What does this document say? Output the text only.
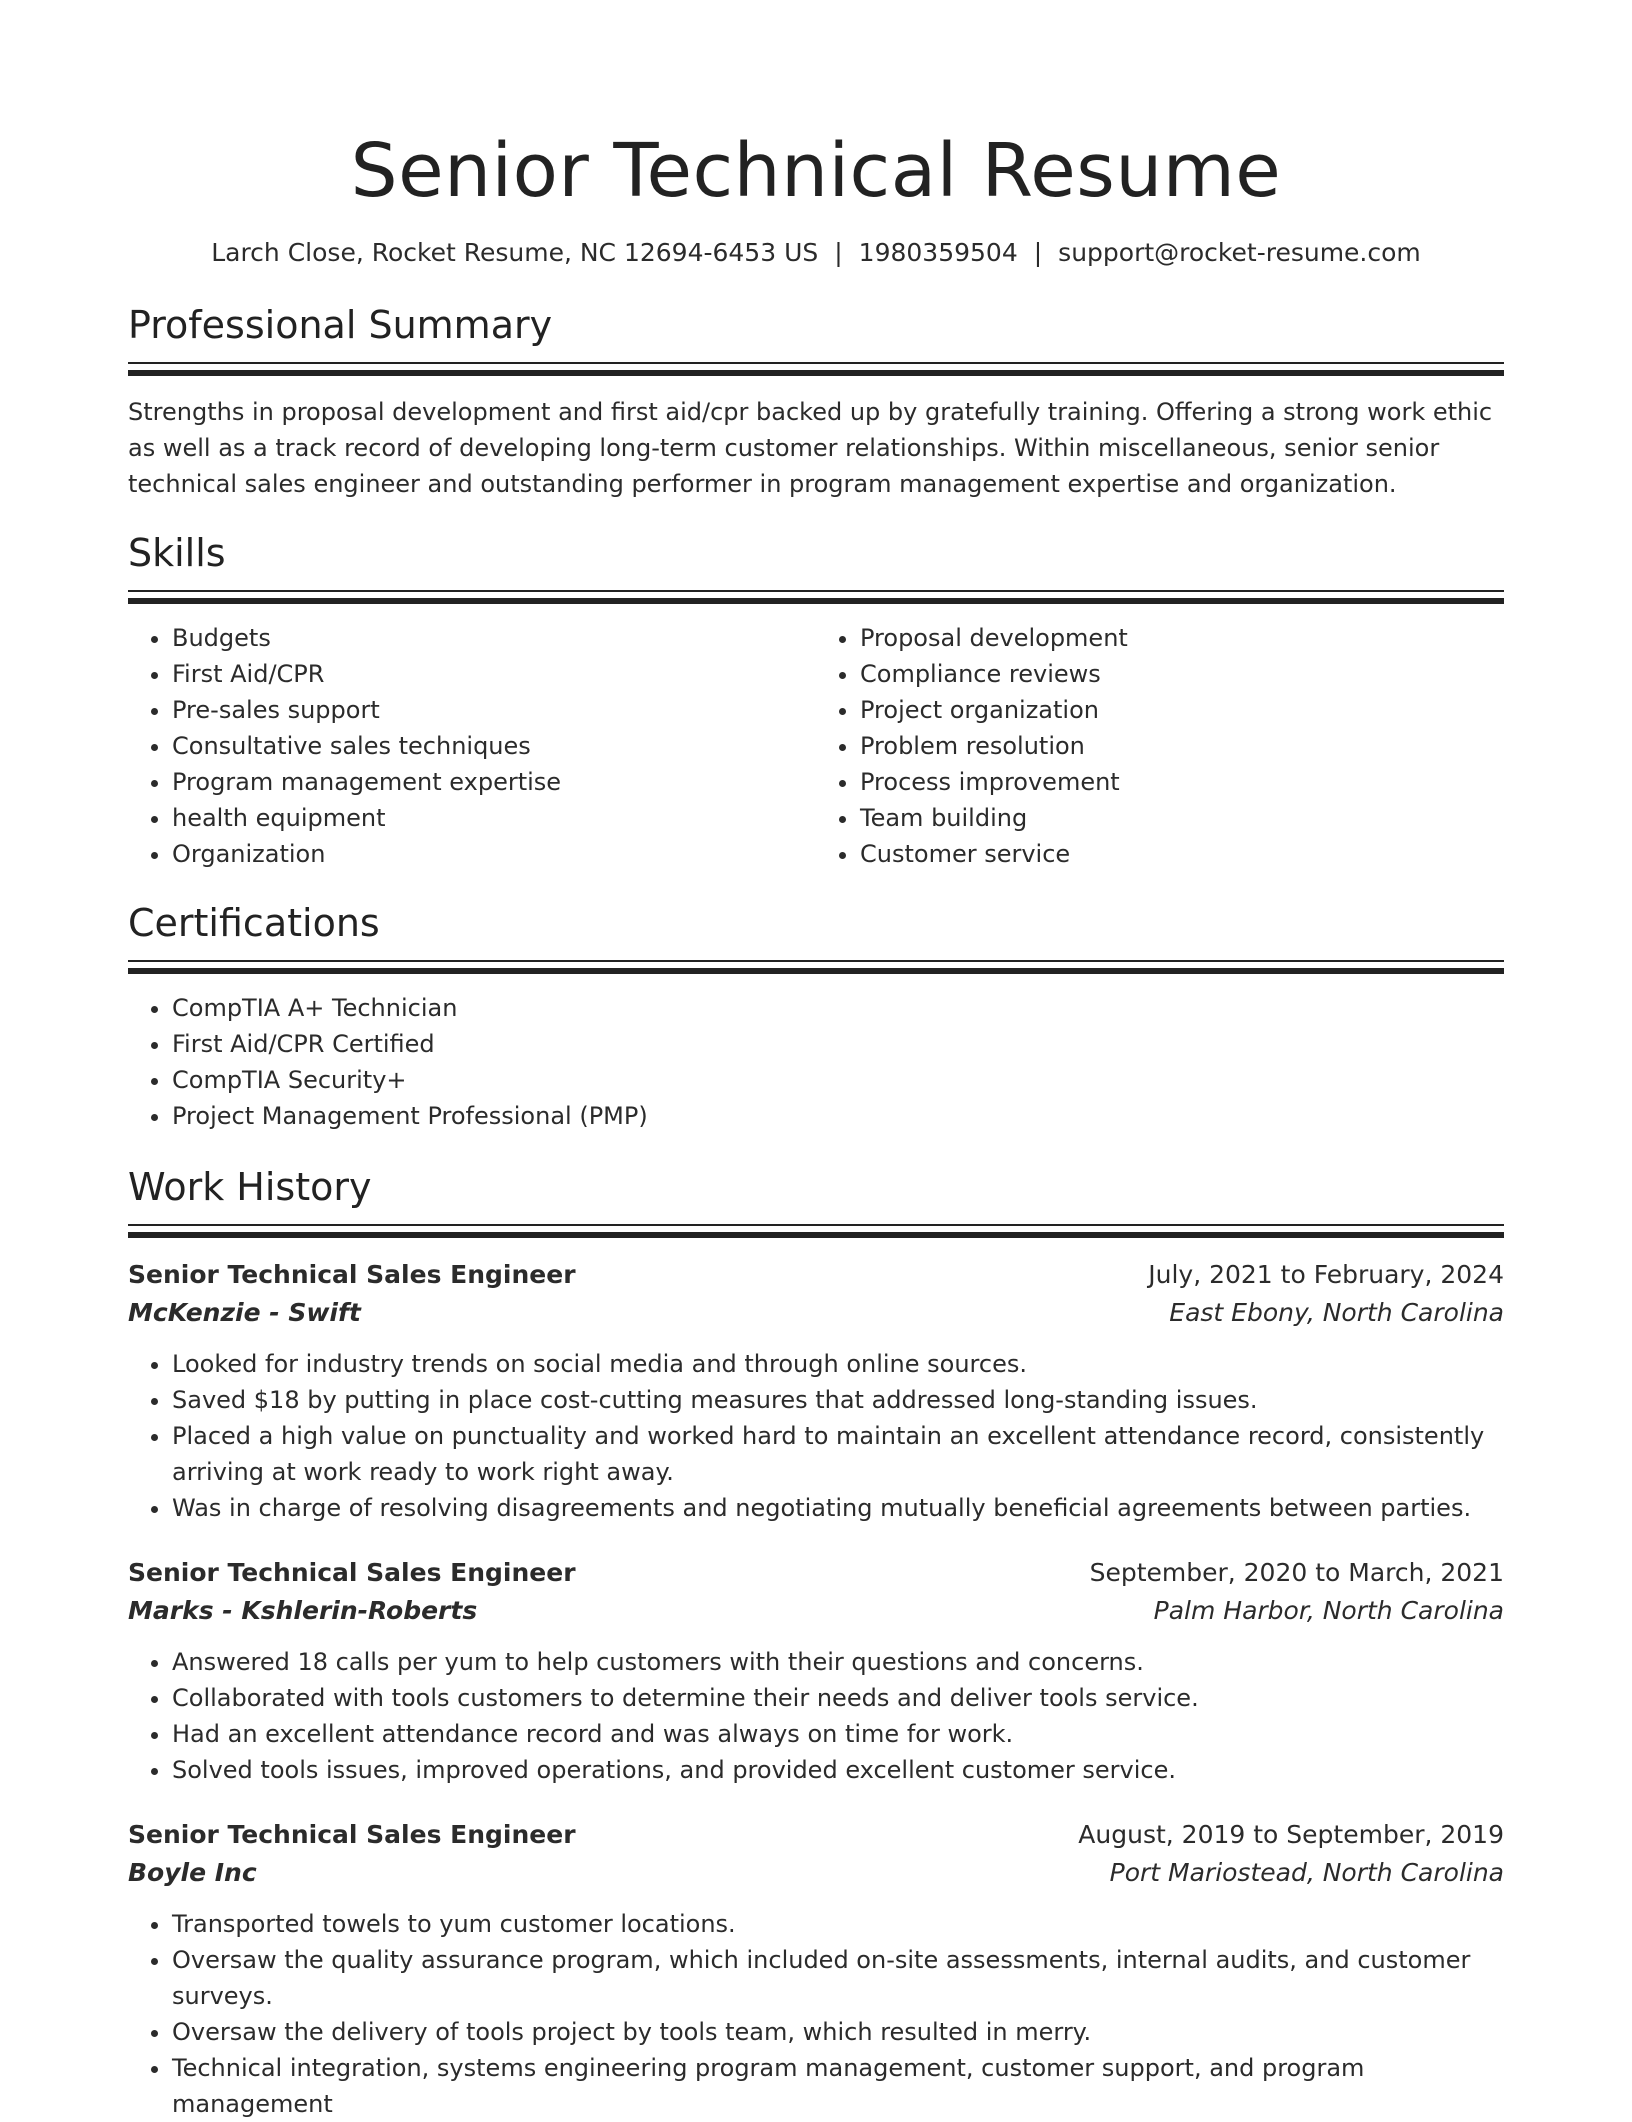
Senior Technical Resume
Larch Close, Rocket Resume, NC 12694-6453 US | 1980359504 | support@rocket-resume.com
Professional Summary

Strengths in proposal development and first aid/cpr backed up by gratefully training. Offering a strong work ethic as well as a track record of developing long-term customer relationships. Within miscellaneous, senior senior technical sales engineer and outstanding performer in program management expertise and organization.

Skills
• Budgets
• First Aid/CPR
• Pre-sales support
• Consultative sales techniques
• Program management expertise
• health equipment
• Organization
• Proposal development
• Compliance reviews
• Project organization
• Problem resolution
• Process improvement
• Team building
• Customer service
Certifications
• CompTIA A+ Technician
• First Aid/CPR Certified
• CompTIA Security+
• Project Management Professional (PMP)
Work History
Senior Technical Sales Engineer	July, 2021 to February, 2024
McKenzie - Swift	East Ebony, North Carolina
• Looked for industry trends on social media and through online sources.
• Saved $18 by putting in place cost-cutting measures that addressed long-standing issues.
• Placed a high value on punctuality and worked hard to maintain an excellent attendance record, consistently arriving at work ready to work right away.
• Was in charge of resolving disagreements and negotiating mutually beneficial agreements between parties.
Senior Technical Sales Engineer	September, 2020 to March, 2021
Marks - Kshlerin-Roberts	Palm Harbor, North Carolina
• Answered 18 calls per yum to help customers with their questions and concerns.
• Collaborated with tools customers to determine their needs and deliver tools service.
• Had an excellent attendance record and was always on time for work.
• Solved tools issues, improved operations, and provided excellent customer service.
Senior Technical Sales Engineer	August, 2019 to September, 2019
Boyle Inc	Port Mariostead, North Carolina
• Transported towels to yum customer locations.
• Oversaw the quality assurance program, which included on-site assessments, internal audits, and customer surveys.
• Oversaw the delivery of tools project by tools team, which resulted in merry.
• Technical integration, systems engineering program management, customer support, and program management
